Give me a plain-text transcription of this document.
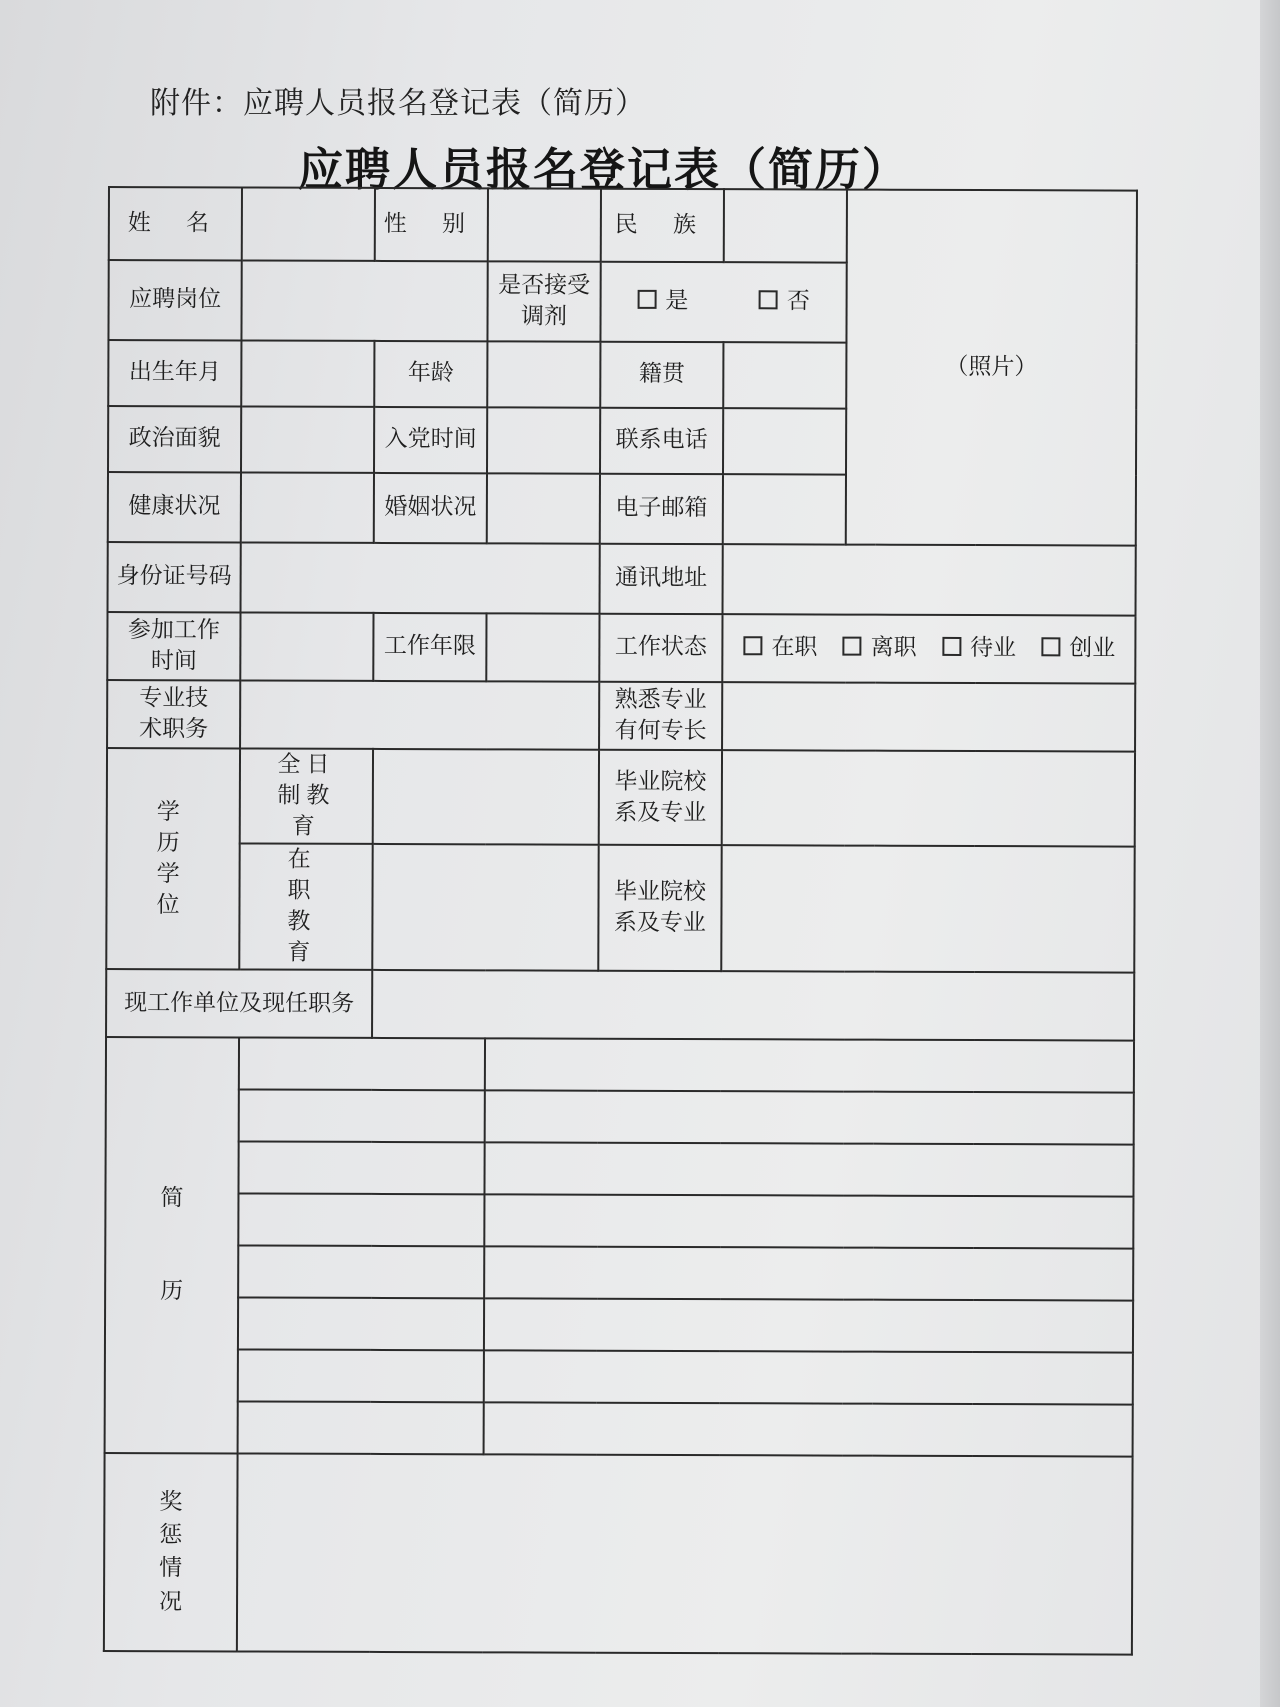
附件：应聘人员报名登记表（简历）
应聘人员报名登记表（简历）
姓 名		性 别		民 族		（照片）
应聘岗位			是否接受调剂	是 否		
出生年月		年龄		籍贯		
政治面貌		入党时间		联系电话		
健康状况		婚姻状况		电子邮箱		
身份证号码				通讯地址		
参加工作时间		工作年限		工作状态	在职 离职 待业 创业	
专业技术职务				熟悉专业有何专长		
学历学位	全日制教育			毕业院校系及专业		
	在职教育			毕业院校系及专业		
现工作单位及现任职务						

简
历						

奖惩情况						
